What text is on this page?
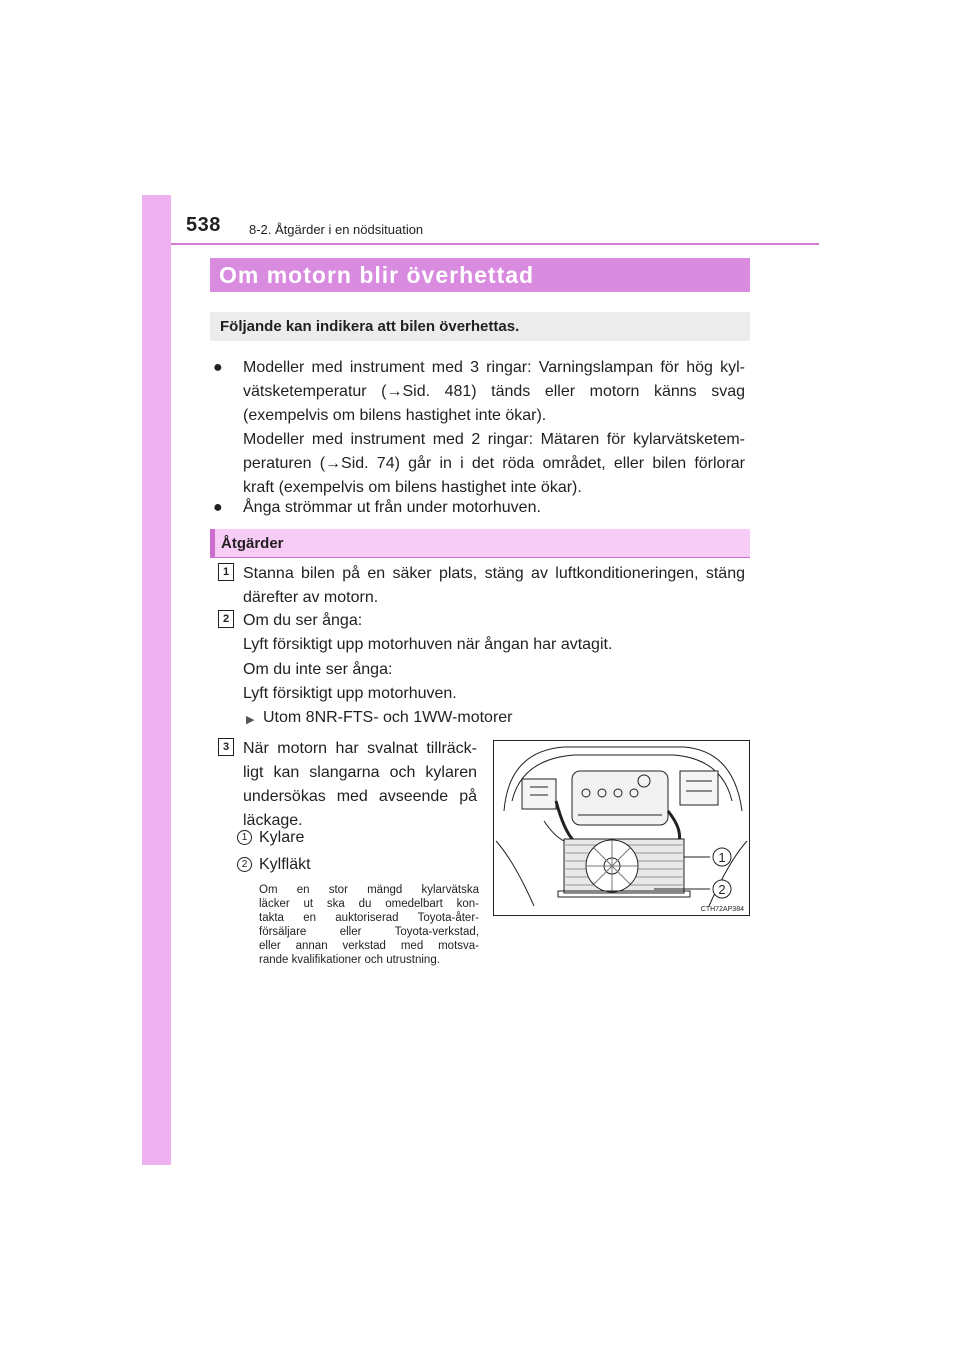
538 8-2. Åtgärder i en nödsituation
Om motorn blir överhettad
Följande kan indikera att bilen överhettas.
● Modeller med instrument med 3 ringar: Varningslampan för hög kyl-
vätsketemperatur (→Sid. 481) tänds eller motorn känns svag
(exempelvis om bilens hastighet inte ökar).
Modeller med instrument med 2 ringar: Mätaren för kylarvätsketem-
peraturen (→Sid. 74) går in i det röda området, eller bilen förlorar
kraft (exempelvis om bilens hastighet inte ökar).
● Ånga strömmar ut från under motorhuven.
Åtgärder
1 Stanna bilen på en säker plats, stäng av luftkonditioneringen, stäng
därefter av motorn.
2 Om du ser ånga:
Lyft försiktigt upp motorhuven när ångan har avtagit.
Om du inte ser ånga:
Lyft försiktigt upp motorhuven.
▶ Utom 8NR-FTS- och 1WW-motorer
3 När motorn har svalnat tillräck-
ligt kan slangarna och kylaren
undersökas med avseende på
läckage.
1 Kylare
2 Kylfläkt
Om en stor mängd kylarvätska
läcker ut ska du omedelbart kon-
takta en auktoriserad Toyota-åter-
försäljare eller Toyota-verkstad,
eller annan verkstad med motsva-
rande kvalifikationer och utrustning.
1
2
CTH72AP384
